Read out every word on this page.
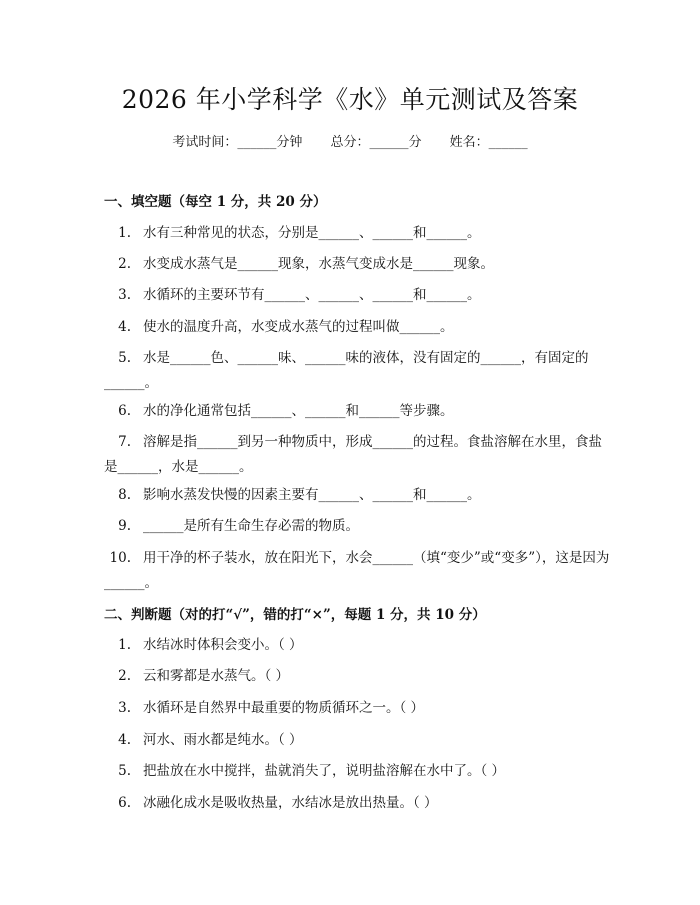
2026 年小学科学《水》单元测试及答案
考试时间：______分钟 总分：______分 姓名：______
一、填空题（每空 1 分，共 20 分）
1. 水有三种常见的状态，分别是______、______和______。
2. 水变成水蒸气是______现象，水蒸气变成水是______现象。
3. 水循环的主要环节有______、______、______和______。
4. 使水的温度升高，水变成水蒸气的过程叫做______。
5. 水是______色、______味、______味的液体，没有固定的______，有固定的______。
6. 水的净化通常包括______、______和______等步骤。
7. 溶解是指______到另一种物质中，形成______的过程。食盐溶解在水里，食盐是______，水是______。
8. 影响水蒸发快慢的因素主要有______、______和______。
9. ______是所有生命生存必需的物质。
10. 用干净的杯子装水，放在阳光下，水会______（填“变少”或“变多”），这是因为______。
二、判断题（对的打“√”，错的打“×”，每题 1 分，共 10 分）
1. 水结冰时体积会变小。（ ）
2. 云和雾都是水蒸气。（ ）
3. 水循环是自然界中最重要的物质循环之一。（ ）
4. 河水、雨水都是纯水。（ ）
5. 把盐放在水中搅拌，盐就消失了，说明盐溶解在水中了。（ ）
6. 冰融化成水是吸收热量，水结冰是放出热量。（ ）
